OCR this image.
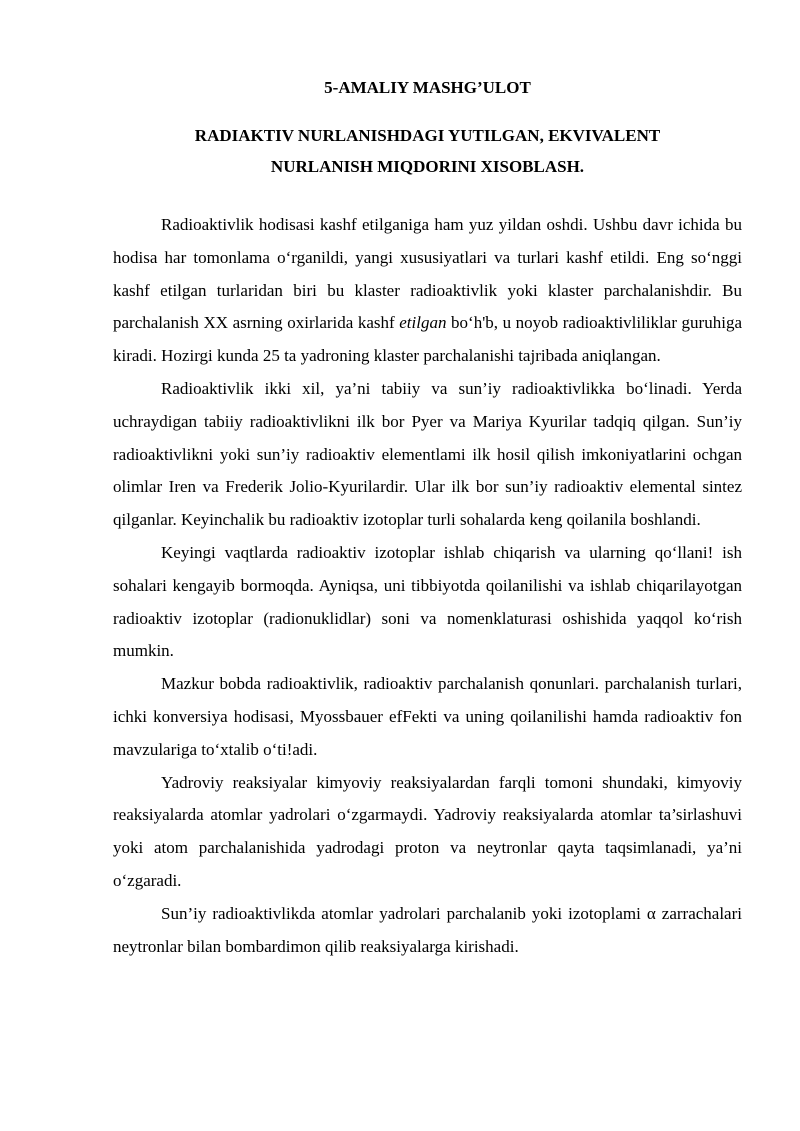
5-AMALIY MASHG’ULOT
RADIAKTIV NURLANISHDAGI YUTILGAN, EKVIVALENT
NURLANISH MIQDORINI XISOBLASH.

Radioaktivlik hodisasi kashf etilganiga ham yuz yildan oshdi. Ushbu davr ichida bu hodisa har tomonlama o‘rganildi, yangi xususiyatlari va turlari kashf etildi. Eng so‘nggi kashf etilgan turlaridan biri bu klaster radioaktivlik yoki klaster parchalanishdir. Bu parchalanish XX asrning oxirlarida kashf etilgan bo‘h'b, u noyob radioaktivliliklar guruhiga kiradi. Hozirgi kunda 25 ta yadroning klaster parchalanishi tajribada aniqlangan.

Radioaktivlik ikki xil, ya’ni tabiiy va sun’iy radioaktivlikka bo‘linadi. Yerda uchraydigan tabiiy radioaktivlikni ilk bor Pyer va Mariya Kyurilar tadqiq qilgan. Sun’iy radioaktivlikni yoki sun’iy radioaktiv elementlami ilk hosil qilish imkoniyatlarini ochgan olimlar Iren va Frederik Jolio-Kyurilardir. Ular ilk bor sun’iy radioaktiv elemental sintez qilganlar. Keyinchalik bu radioaktiv izotoplar turli sohalarda keng qoilanila boshlandi.

Keyingi vaqtlarda radioaktiv izotoplar ishlab chiqarish va ularning qo‘llani! ish sohalari kengayib bormoqda. Ayniqsa, uni tibbiyotda qoilanilishi va ishlab chiqarilayotgan radioaktiv izotoplar (radionuklidlar) soni va nomenklaturasi oshishida yaqqol ko‘rish mumkin.

Mazkur bobda radioaktivlik, radioaktiv parchalanish qonunlari. parchalanish turlari, ichki konversiya hodisasi, Myossbauer efFekti va uning qoilanilishi hamda radioaktiv fon mavzulariga to‘xtalib o‘ti!adi.

Yadroviy reaksiyalar kimyoviy reaksiyalardan farqli tomoni shundaki, kimyoviy reaksiyalarda atomlar yadrolari o‘zgarmaydi. Yadroviy reaksiyalarda atomlar ta’sirlashuvi yoki atom parchalanishida yadrodagi proton va neytronlar qayta taqsimlanadi, ya’ni o‘zgaradi.

Sun’iy radioaktivlikda atomlar yadrolari parchalanib yoki izotoplami α zarrachalari neytronlar bilan bombardimon qilib reaksiyalarga kirishadi.
